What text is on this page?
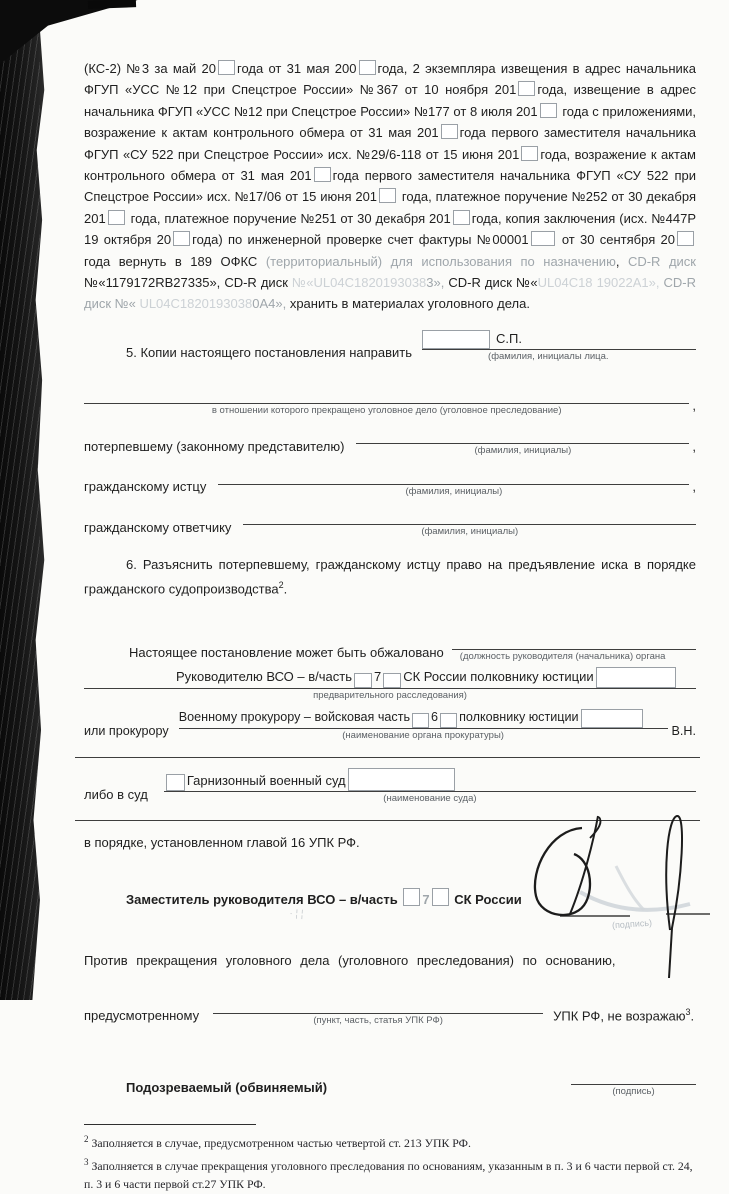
· ¦ ¦
(КС-2) №3 за май 20 года от 31 мая 200 года, 2 экземпляра извещения в адрес начальника ФГУП «УСС №12 при Спецстрое России» №367 от 10 ноября 201 года, извещение в адрес начальника ФГУП «УСС №12 при Спецстрое России» №177 от 8 июля 201 года с приложениями, возражение к актам контрольного обмера от 31 мая 201 года первого заместителя начальника ФГУП «СУ 522 при Спецстрое России» исх. №29/6-118 от 15 июня 201 года, возражение к актам контрольного обмера от 31 мая 201 года первого заместителя начальника ФГУП «СУ 522 при Спецстрое России» исх. №17/06 от 15 июня 201 года, платежное поручение №252 от 30 декабря 201 года, платежное поручение №251 от 30 декабря 201 года, копия заключения (исх. №447Р 19 октября 20 года) по инженерной проверке счет фактуры №00001 от 30 сентября 20 года вернуть в 189 ОФКС (территориальный) для использования по назначению, CD-R диск №«1179172RB27335», CD-R диск №«UL04C18201930383», CD-R диск №«UL04C18 19022A1», CD-R диск №« UL04C18201930380A4», хранить в материалах уголовного дела.
5. Копии настоящего постановления направить
С.П.
(фамилия, инициалы лица.

в отношении которого прекращено уголовное дело (уголовное преследование)	,
потерпевшему (законному представителю)
	(фамилия, инициалы)	,
гражданскому истцу
	(фамилия, инициалы)	,
гражданскому ответчику
	(фамилия, инициалы)
6. Разъяснить потерпевшему, гражданскому истцу право на предъявление иска в порядке гражданского судопроизводства$^2$.
Настоящее постановление может быть обжаловано
	(должность руководителя (начальника) органа
Руководителю ВСО – в/часть 7 СК России полковнику юстиции
предварительного расследования)
или прокурору
Военному прокурору – войсковая часть 6 полковнику юстиции
(наименование органа прокуратуры)	В.Н.
либо в суд
Гарнизонный военный суд
(наименование суда)
в порядке, установленном главой 16 УПК РФ.
Заместитель руководителя ВСО – в/часть 7 СК России
(подпись)
Против прекращения уголовного дела (уголовного преследования) по основанию,
предусмотренному
	(пункт, часть, статья УПК РФ)	УПК РФ, не возражаю$^3$.
Подозреваемый (обвиняемый)
	(подпись)
$^2$ Заполняется в случае, предусмотренном частью четвертой ст. 213 УПК РФ.
$^3$ Заполняется в случае прекращения уголовного преследования по основаниям, указанным в п. 3 и 6 части первой ст. 24, п. 3 и 6 части первой ст.27 УПК РФ.
